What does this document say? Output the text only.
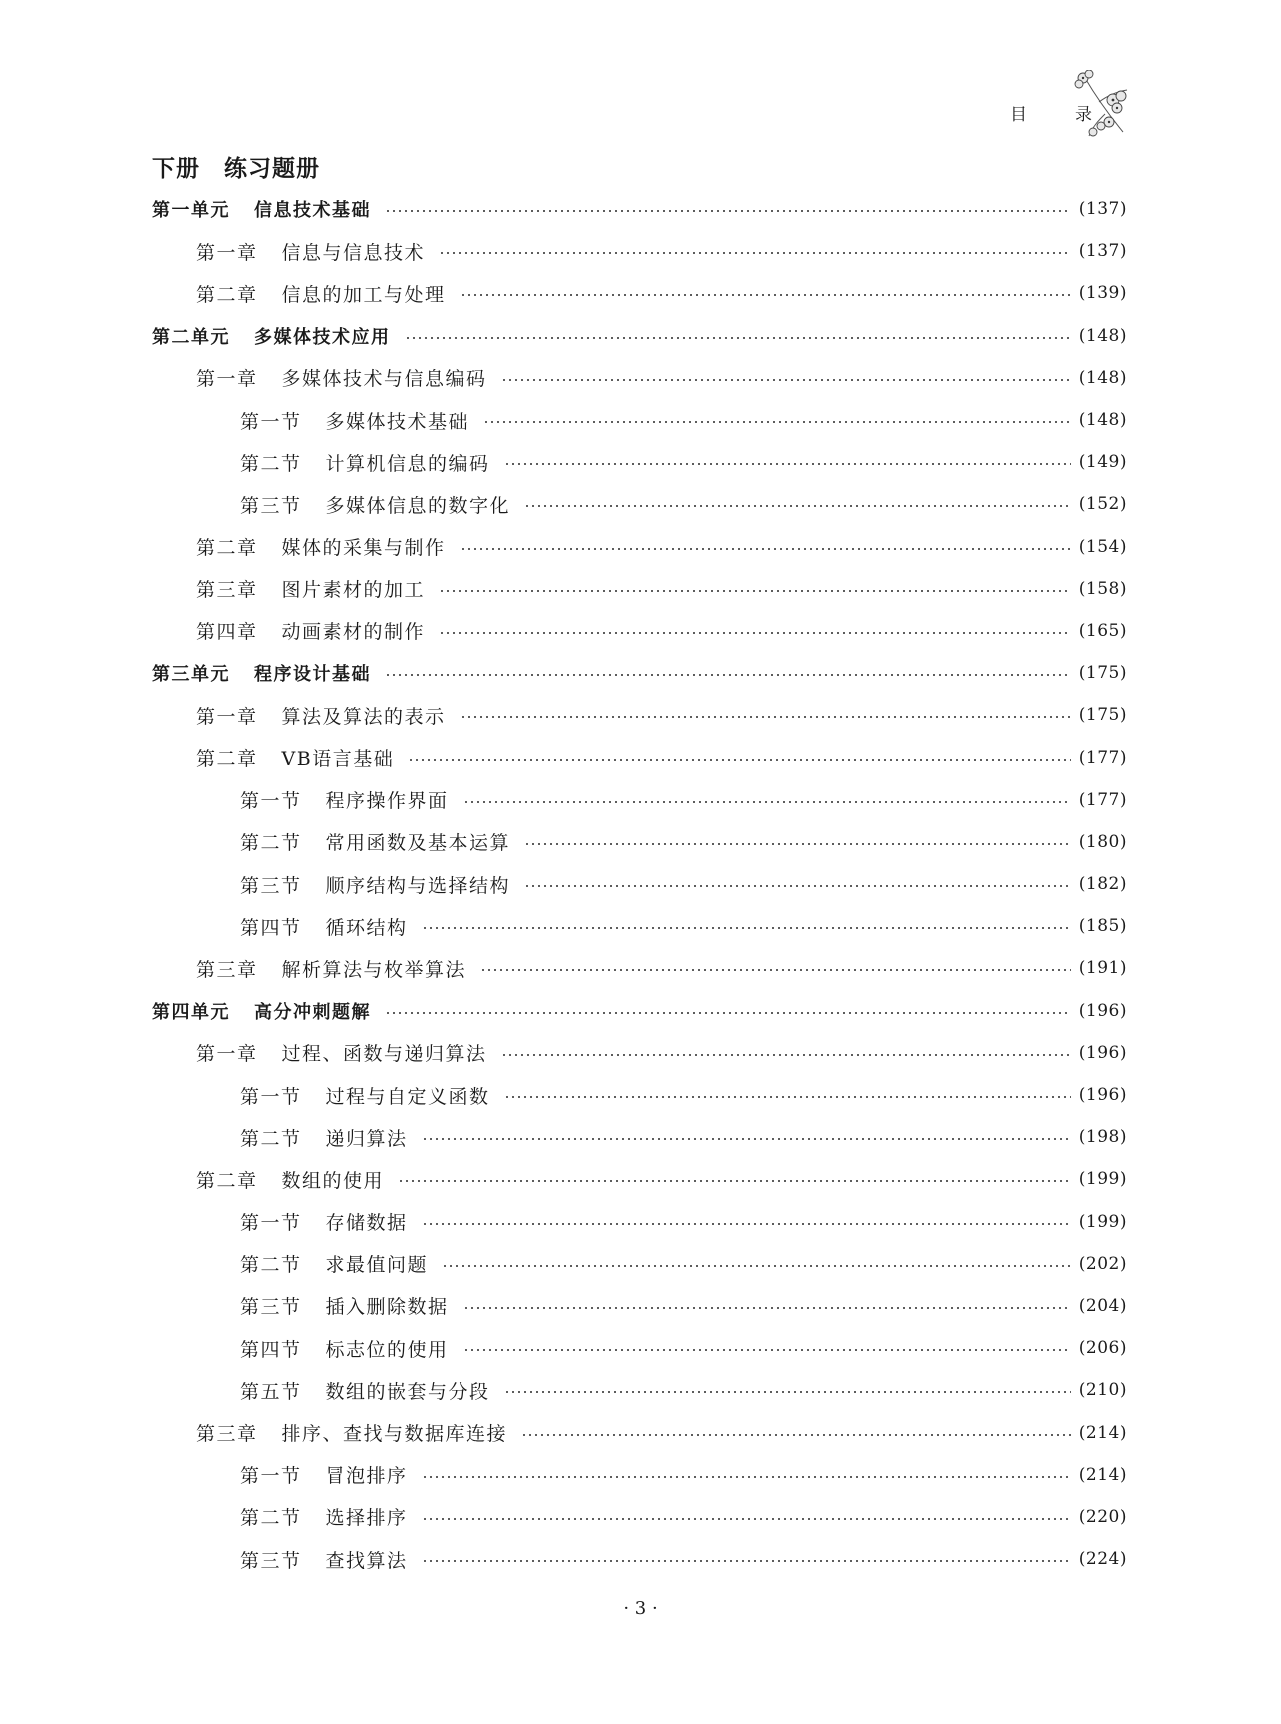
目	录
下册 练习题册
第一单元 信息技术基础	(137)
第一章 信息与信息技术	(137)
第二章 信息的加工与处理	(139)
第二单元 多媒体技术应用	(148)
第一章 多媒体技术与信息编码	(148)
第一节 多媒体技术基础	(148)
第二节 计算机信息的编码	(149)
第三节 多媒体信息的数字化	(152)
第二章 媒体的采集与制作	(154)
第三章 图片素材的加工	(158)
第四章 动画素材的制作	(165)
第三单元 程序设计基础	(175)
第一章 算法及算法的表示	(175)
第二章 VB语言基础	(177)
第一节 程序操作界面	(177)
第二节 常用函数及基本运算	(180)
第三节 顺序结构与选择结构	(182)
第四节 循环结构	(185)
第三章 解析算法与枚举算法	(191)
第四单元 高分冲刺题解	(196)
第一章 过程、函数与递归算法	(196)
第一节 过程与自定义函数	(196)
第二节 递归算法	(198)
第二章 数组的使用	(199)
第一节 存储数据	(199)
第二节 求最值问题	(202)
第三节 插入删除数据	(204)
第四节 标志位的使用	(206)
第五节 数组的嵌套与分段	(210)
第三章 排序、查找与数据库连接	(214)
第一节 冒泡排序	(214)
第二节 选择排序	(220)
第三节 查找算法	(224)
· 3 ·
